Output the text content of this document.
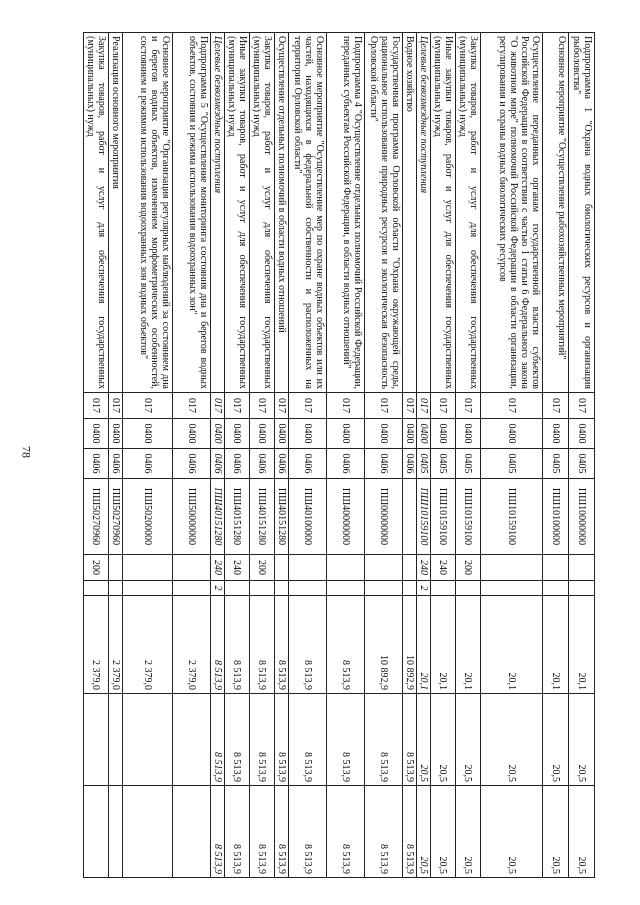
78
Подпрограмма 1 "Охрана водных биологических ресурсов и организация рыболовства"	017	0400	0405	ПШ10000000			20,1	20,5	20,5
Основное мероприятие "Осуществление рыбохозяйственных мероприятий"	017	0400	0405	ПШ10100000			20,1	20,5	20,5
Осуществление переданных органам государственной власти субъектов Российской Федерации в соответствии с частью 1 статьи 6 Федерального закона "О животном мире" полномочий Российской Федерации в области организации, регулирования и охраны водных биологических ресурсов	017	0400	0405	ПШ10159100			20,1	20,5	20,5
Закупка товаров, работ и услуг для обеспечения государственных (муниципальных) нужд	017	0400	0405	ПШ10159100	200		20,1	20,5	20,5
Иные закупки товаров, работ и услуг для обеспечения государственных (муниципальных) нужд	017	0400	0405	ПШ10159100	240		20,1	20,5	20,5
Целевые безвозмездные поступления	017	0400	0405	ПШ10159100	240	2	20,1	20,5	20,5
Водное хозяйство	017	0400	0406				10 892,9	8 513,9	8 513,9
Государственная программа Орловской области "Охрана окружающей среды, рациональное использование природных ресурсов и экологическая безопасность Орловской области"	017	0400	0406	ПШ00000000			10 892,9	8 513,9	8 513,9
Подпрограмма 4 "Осуществление отдельных полномочий Российской Федерации, переданных субъектам Российской Федерации, в области водных отношений"	017	0400	0406	ПШ40000000			8 513,9	8 513,9	8 513,9
Основное мероприятие "Осуществление мер по охране водных объектов или их частей, находящихся в федеральной собственности и расположенных на территории Орловской области"	017	0400	0406	ПШ40100000			8 513,9	8 513,9	8 513,9
Осуществление отдельных полномочий в области водных отношений	017	0400	0406	ПШ40151280			8 513,9	8 513,9	8 513,9
Закупка товаров, работ и услуг для обеспечения государственных (муниципальных) нужд	017	0400	0406	ПШ40151280	200		8 513,9	8 513,9	8 513,9
Иные закупки товаров, работ и услуг для обеспечения государственных (муниципальных) нужд	017	0400	0406	ПШ40151280	240		8 513,9	8 513,9	8 513,9
Целевые безвозмездные поступления	017	0400	0406	ПШ40151280	240	2	8 513,9	8 513,9	8 513,9
Подпрограмма 5 "Осуществление мониторинга состояния дна и берегов водных объектов, состояния и режима использования водоохранных зон"	017	0400	0406	ПШ50000000			2 379,0		
Основное мероприятие "Организация регулярных наблюдений за состоянием дна и берегов водных объектов, изменением морфометрических особенностей, состоянием и режимом использования водоохранных зон водных объектов"	017	0400	0406	ПШ50200000			2 379,0		
Реализация основного мероприятия	017	0400	0406	ПШ50270960			2 379,0		
Закупка товаров, работ и услуг для обеспечения государственных (муниципальных) нужд	017	0400	0406	ПШ50270960	200		2 379,0		
